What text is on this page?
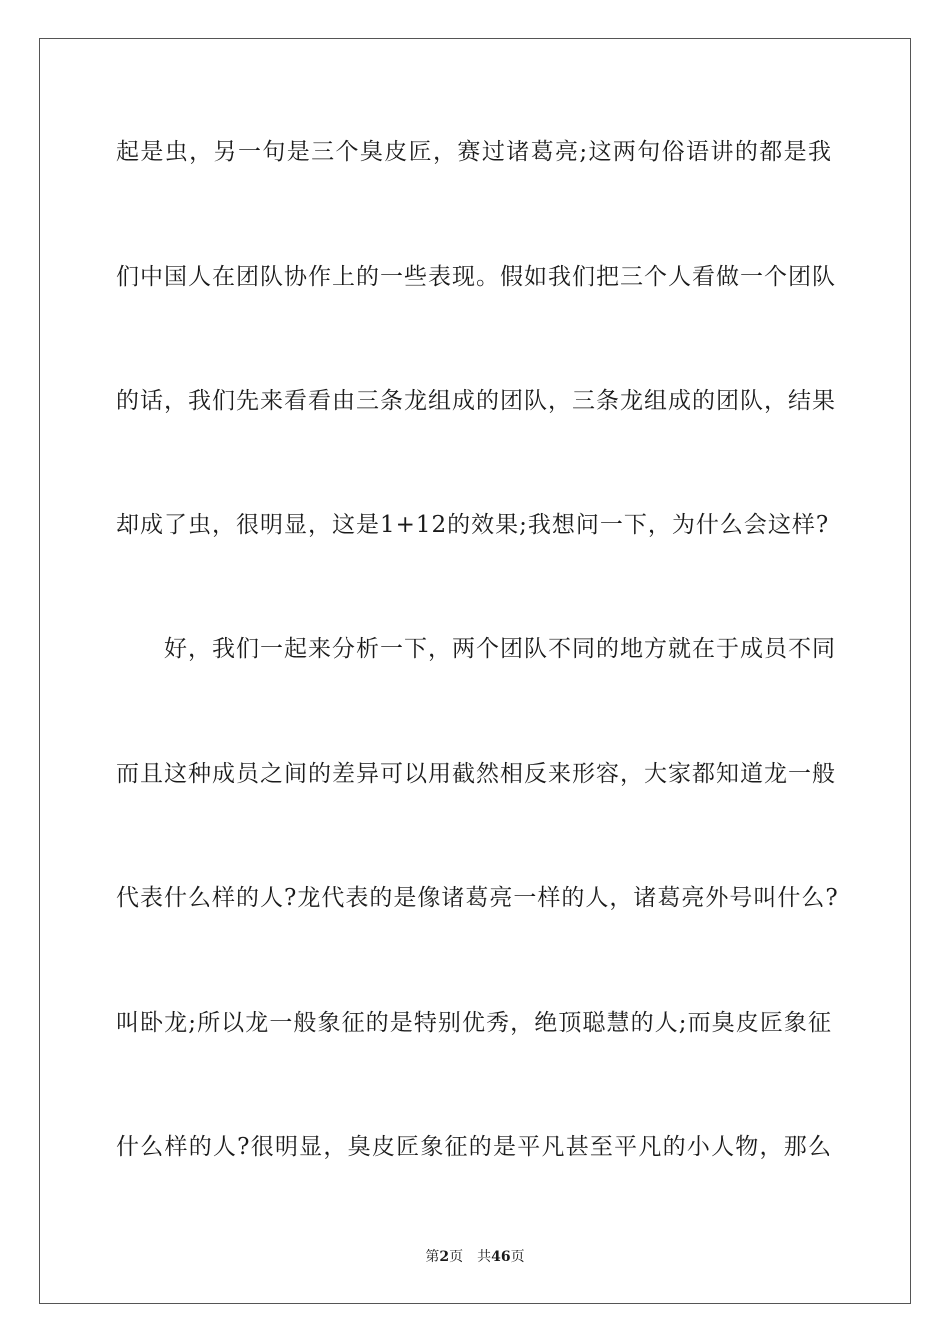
起是虫，另一句是三个臭皮匠，赛过诸葛亮;这两句俗语讲的都是我
们中国人在团队协作上的一些表现。假如我们把三个人看做一个团队
的话，我们先来看看由三条龙组成的团队，三条龙组成的团队，结果
却成了虫，很明显，这是1+12的效果;我想问一下，为什么会这样?
好，我们一起来分析一下，两个团队不同的地方就在于成员不同
而且这种成员之间的差异可以用截然相反来形容，大家都知道龙一般
代表什么样的人?龙代表的是像诸葛亮一样的人，诸葛亮外号叫什么?
叫卧龙;所以龙一般象征的是特别优秀，绝顶聪慧的人;而臭皮匠象征
什么样的人?很明显，臭皮匠象征的是平凡甚至平凡的小人物，那么
第2页 共46页
